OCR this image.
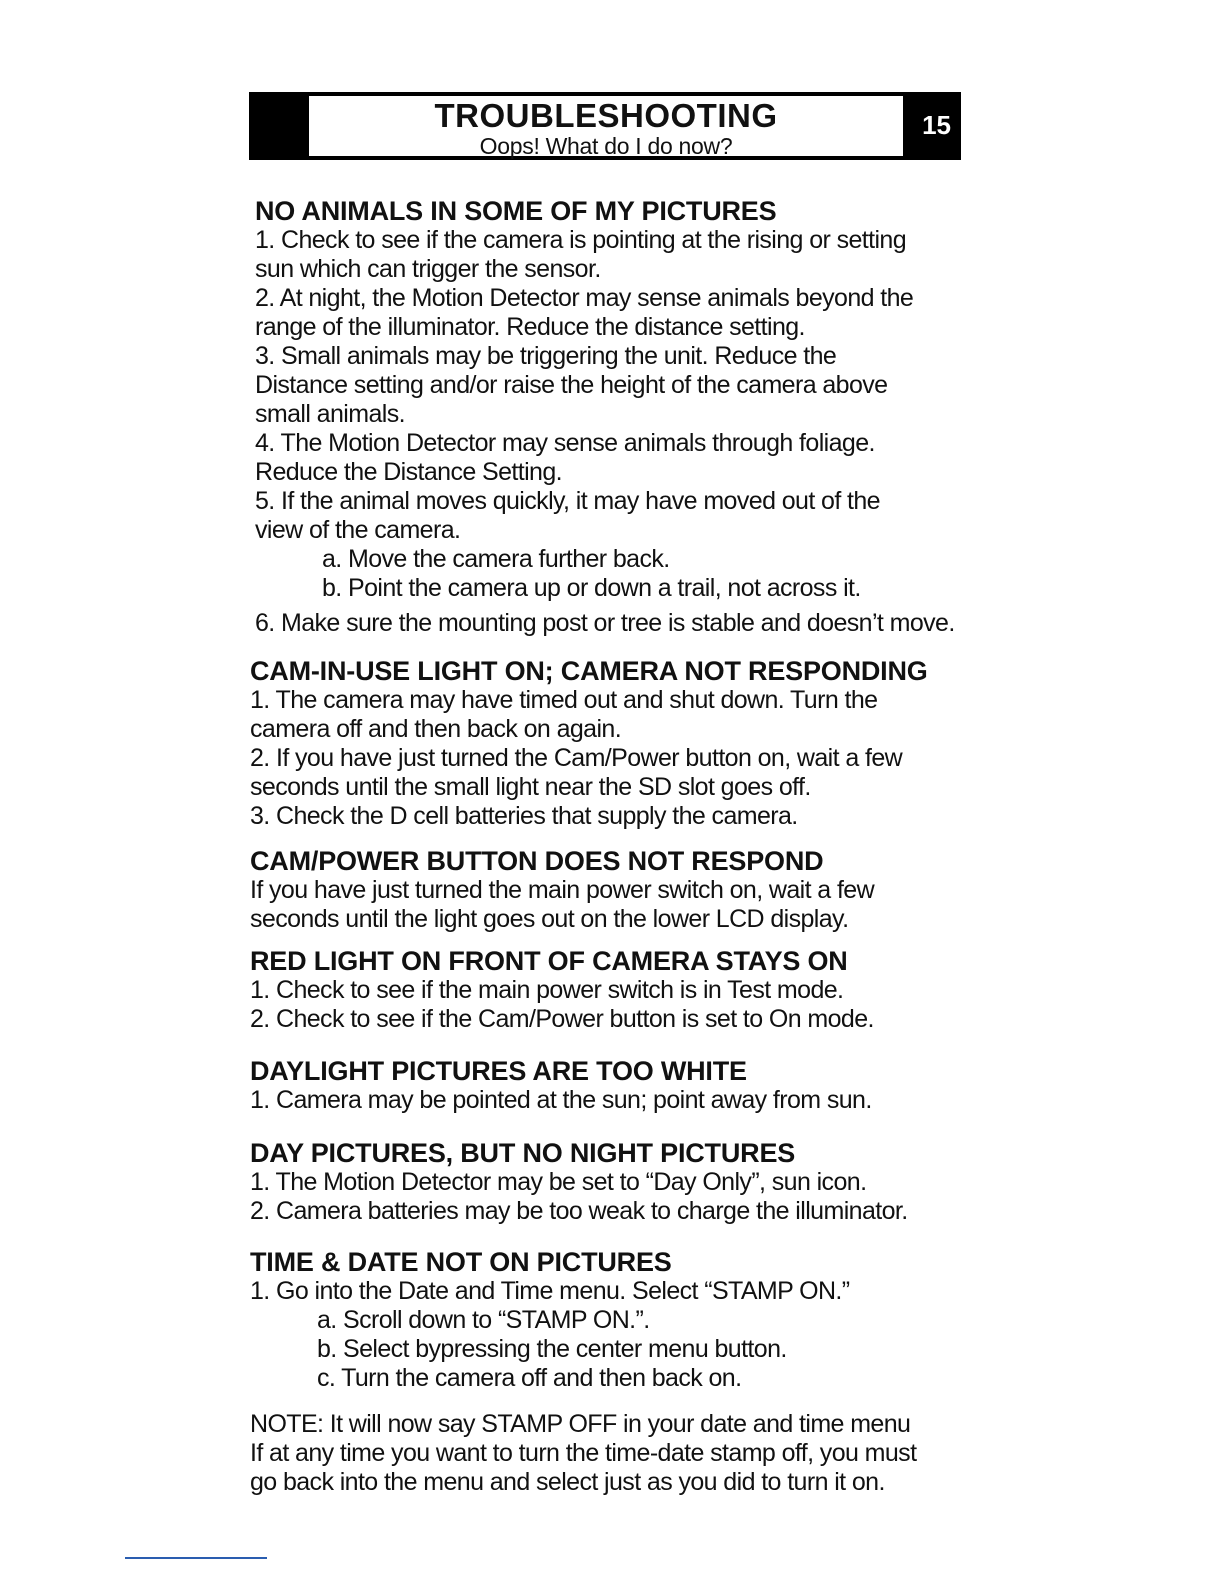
TROUBLESHOOTING
Oops! What do I do now?
15

NO ANIMALS IN SOME OF MY PICTURES

1. Check to see if the camera is pointing at the rising or setting

sun which can trigger the sensor.

2. At night, the Motion Detector may sense animals beyond the

range of the illuminator. Reduce the distance setting.

3. Small animals may be triggering the unit. Reduce the

Distance setting and/or raise the height of the camera above

small animals.

4. The Motion Detector may sense animals through foliage.

Reduce the Distance Setting.

5. If the animal moves quickly, it may have moved out of the

view of the camera.

a. Move the camera further back.

b. Point the camera up or down a trail, not across it.

6. Make sure the mounting post or tree is stable and doesn’t move.

CAM-IN-USE LIGHT ON; CAMERA NOT RESPONDING

1. The camera may have timed out and shut down. Turn the

camera off and then back on again.

2. If you have just turned the Cam/Power button on, wait a few

seconds until the small light near the SD slot goes off.

3. Check the D cell batteries that supply the camera.

CAM/POWER BUTTON DOES NOT RESPOND

If you have just turned the main power switch on, wait a few

seconds until the light goes out on the lower LCD display.

RED LIGHT ON FRONT OF CAMERA STAYS ON

1. Check to see if the main power switch is in Test mode.

2. Check to see if the Cam/Power button is set to On mode.

DAYLIGHT PICTURES ARE TOO WHITE

1. Camera may be pointed at the sun; point away from sun.

DAY PICTURES, BUT NO NIGHT PICTURES

1. The Motion Detector may be set to “Day Only”, sun icon.

2. Camera batteries may be too weak to charge the illuminator.

TIME & DATE NOT ON PICTURES

1. Go into the Date and Time menu. Select “STAMP ON.”

a. Scroll down to “STAMP ON.”.

b. Select bypressing the center menu button.

c. Turn the camera off and then back on.

NOTE: It will now say STAMP OFF in your date and time menu

If at any time you want to turn the time-date stamp off, you must

go back into the menu and select just as you did to turn it on.
